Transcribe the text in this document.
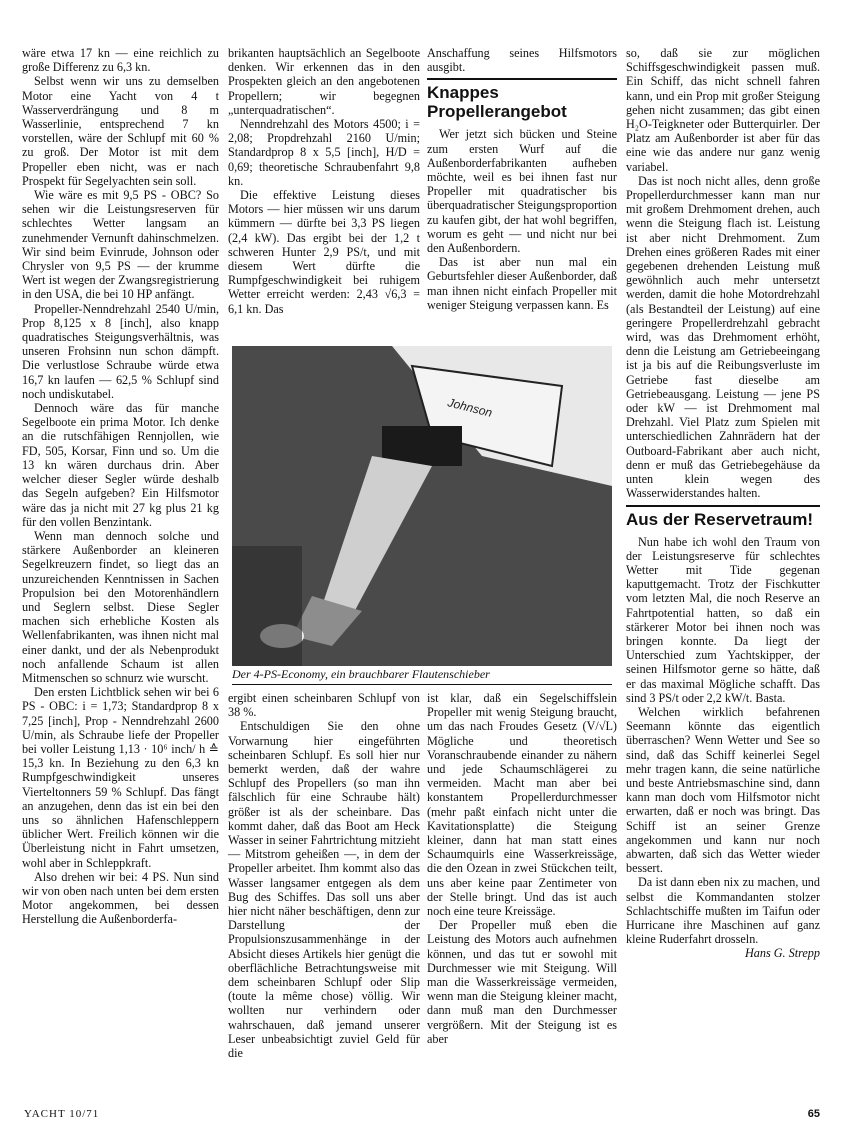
wäre etwa 17 kn — eine reichlich zu große Differenz zu 6,3 kn.

Selbst wenn wir uns zu demselben Motor eine Yacht von 4 t Wasserverdrängung und 8 m Wasserlinie, entsprechend 7 kn vorstellen, wäre der Schlupf mit 60 % zu groß. Der Motor ist mit dem Propeller eben nicht, was er nach Prospekt für Segelyachten sein soll.

Wie wäre es mit 9,5 PS - OBC? So sehen wir die Leistungsreserven für schlechtes Wetter langsam an zunehmender Vernunft dahinschmelzen. Wir sind beim Evinrude, Johnson oder Chrysler von 9,5 PS — der krumme Wert ist wegen der Zwangsregistrierung in den USA, die bei 10 HP anfängt.

Propeller-Nenndrehzahl 2540 U/min, Prop 8,125 x 8 [inch], also knapp quadratisches Steigungsverhältnis, was unseren Frohsinn nun schon dämpft. Die verlustlose Schraube würde etwa 16,7 kn laufen — 62,5 % Schlupf sind noch undiskutabel.

Dennoch wäre das für manche Segelboote ein prima Motor. Ich denke an die rutschfähigen Rennjollen, wie FD, 505, Korsar, Finn und so. Um die 13 kn wären durchaus drin. Aber welcher dieser Segler würde deshalb das Segeln aufgeben? Ein Hilfsmotor wäre das ja nicht mit 27 kg plus 21 kg für den vollen Benzintank.

Wenn man dennoch solche und stärkere Außenborder an kleineren Segelkreuzern findet, so liegt das an unzureichenden Kenntnissen in Sachen Propulsion bei den Motorenhändlern und Seglern selbst. Diese Segler machen sich erhebliche Kosten als Wellenfabrikanten, was ihnen nicht mal einer dankt, und der als Nebenprodukt noch anfallende Schaum ist allen Mitmenschen so schnurz wie wurscht.

Den ersten Lichtblick sehen wir bei 6 PS - OBC: i = 1,73; Standardprop 8 x 7,25 [inch], Prop - Nenndrehzahl 2600 U/min, als Schraube liefe der Propeller bei voller Leistung 1,13 · 10⁶ inch/ h ≙ 15,3 kn. In Beziehung zu den 6,3 kn Rumpfgeschwindigkeit unseres Vierteltonners 59 % Schlupf. Das fängt an anzugehen, denn das ist ein bei den uns so ähnlichen Hafenschleppern üblicher Wert. Freilich können wir die Überleistung nicht in Fahrt umsetzen, wohl aber in Schleppkraft.

Also drehen wir bei: 4 PS. Nun sind wir von oben nach unten bei dem ersten Motor angekommen, bei dessen Herstellung die Außenborderfa-

brikanten hauptsächlich an Segelboote denken. Wir erkennen das in den Prospekten gleich an den angebotenen Propellern; wir begegnen „unterquadratischen“.

Nenndrehzahl des Motors 4500; i = 2,08; Propdrehzahl 2160 U/min; Standardprop 8 x 5,5 [inch], H/D = 0,69; theoretische Schraubenfahrt 9,8 kn.

Die effektive Leistung dieses Motors — hier müssen wir uns darum kümmern — dürfte bei 3,3 PS liegen (2,4 kW). Das ergibt bei der 1,2 t schweren Hunter 2,9 PS/t, und mit diesem Wert dürfte die Rumpfgeschwindigkeit bei ruhigem Wetter erreicht werden: 2,43 √6,3 = 6,1 kn. Das

Anschaffung seines Hilfsmotors ausgibt.

Knappes Propellerangebot

Wer jetzt sich bücken und Steine zum ersten Wurf auf die Außenborderfabrikanten aufheben möchte, weil es bei ihnen fast nur Propeller mit quadratischer bis überquadratischer Steigungsproportion zu kaufen gibt, der hat wohl begriffen, worum es geht — und nicht nur bei den Außenbordern.

Das ist aber nun mal ein Geburtsfehler dieser Außenborder, daß man ihnen nicht einfach Propeller mit weniger Steigung verpassen kann. Es

Johnson
Der 4-PS-Economy, ein brauchbarer Flautenschieber

ergibt einen scheinbaren Schlupf von 38 %.

Entschuldigen Sie den ohne Vorwarnung hier eingeführten scheinbaren Schlupf. Es soll hier nur bemerkt werden, daß der wahre Schlupf des Propellers (so man ihn fälschlich für eine Schraube hält) größer ist als der scheinbare. Das kommt daher, daß das Boot am Heck Wasser in seiner Fahrtrichtung mitzieht — Mitstrom geheißen —, in dem der Propeller arbeitet. Ihm kommt also das Wasser langsamer entgegen als dem Bug des Schiffes. Das soll uns aber hier nicht näher beschäftigen, denn zur Darstellung der Propulsionszusammenhänge in der Absicht dieses Artikels hier genügt die oberflächliche Betrachtungsweise mit dem scheinbaren Schlupf oder Slip (toute la même chose) völlig. Wir wollten nur verhindern oder wahrschauen, daß jemand unserer Leser unbeabsichtigt zuviel Geld für die

ist klar, daß ein Segelschiffslein Propeller mit wenig Steigung braucht, um das nach Froudes Gesetz (V/√L) Mögliche und theoretisch Voranschraubende einander zu nähern und jede Schaumschlägerei zu vermeiden. Macht man aber bei konstantem Propellerdurchmesser (mehr paßt einfach nicht unter die Kavitationsplatte) die Steigung kleiner, dann hat man statt eines Schaumquirls eine Wasserkreissäge, die den Ozean in zwei Stückchen teilt, uns aber keine paar Zentimeter von der Stelle bringt. Und das ist auch noch eine teure Kreissäge.

Der Propeller muß eben die Leistung des Motors auch aufnehmen können, und das tut er sowohl mit Durchmesser wie mit Steigung. Will man die Wasserkreissäge vermeiden, wenn man die Steigung kleiner macht, dann muß man den Durchmesser vergrößern. Mit der Steigung ist es aber

so, daß sie zur möglichen Schiffsgeschwindigkeit passen muß. Ein Schiff, das nicht schnell fahren kann, und ein Prop mit großer Steigung gehen nicht zusammen; das gibt einen H₂O-Teigkneter oder Butterquirler. Der Platz am Außenborder ist aber für das eine wie das andere nur ganz wenig variabel.

Das ist noch nicht alles, denn große Propellerdurchmesser kann man nur mit großem Drehmoment drehen, auch wenn die Steigung flach ist. Leistung ist aber nicht Drehmoment. Zum Drehen eines größeren Rades mit einer gegebenen drehenden Leistung muß gewöhnlich auch mehr untersetzt werden, damit die hohe Motordrehzahl (als Bestandteil der Leistung) auf eine geringere Propellerdrehzahl gebracht wird, was das Drehmoment erhöht, denn die Leistung am Getriebeeingang ist ja bis auf die Reibungsverluste im Getriebe fast dieselbe am Getriebeausgang. Leistung — jene PS oder kW — ist Drehmoment mal Drehzahl. Viel Platz zum Spielen mit unterschiedlichen Zahnrädern hat der Outboard-Fabrikant aber auch nicht, denn er muß das Getriebegehäuse da unten klein wegen des Wasserwiderstandes halten.

Aus der Reservetraum!

Nun habe ich wohl den Traum von der Leistungsreserve für schlechtes Wetter mit Tide gegenan kaputtgemacht. Trotz der Fischkutter vom letzten Mal, die noch Reserve an Fahrtpotential hatten, so daß ein stärkerer Motor bei ihnen noch was bringen konnte. Da liegt der Unterschied zum Yachtskipper, der seinen Hilfsmotor gerne so hätte, daß er das maximal Mögliche schafft. Das sind 3 PS/t oder 2,2 kW/t. Basta.

Welchen wirklich befahrenen Seemann könnte das eigentlich überraschen? Wenn Wetter und See so sind, daß das Schiff keinerlei Segel mehr tragen kann, die seine natürliche und beste Antriebsmaschine sind, dann kann man doch vom Hilfsmotor nicht erwarten, daß er noch was bringt. Das Schiff ist an seiner Grenze angekommen und kann nur noch abwarten, daß sich das Wetter wieder bessert.

Da ist dann eben nix zu machen, und selbst die Kommandanten stolzer Schlachtschiffe mußten im Taifun oder Hurricane ihre Maschinen auf ganz kleine Ruderfahrt drosseln.

Hans G. Strepp
YACHT 10/71	65
